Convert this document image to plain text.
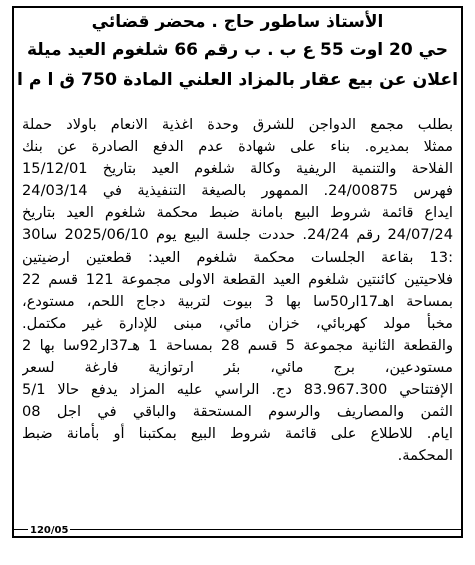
الأستاذ ساطور حاج . محضر قضائي
حي 20 اوت 55 ع ب . ب رقم 66 شلغوم العيد ميلة
اعلان عن بيع عقار بالمزاد العلني المادة 750 ق ا م ا
بطلب مجمع الدواجن للشرق وحدة اغذية الانعام باولاد حملة
ممثلا بمديره. بناء على شهادة عدم الدفع الصادرة عن بنك
الفلاحة والتنمية الريفية وكالة شلغوم العيد بتاريخ 15/12/01
فهرس 24/00875. الممهور بالصيغة التنفيذية في 24/03/14
ايداع قائمة شروط البيع بامانة ضبط محكمة شلغوم العيد بتاريخ
24/07/24 رقم 24/24. حددت جلسة البيع يوم 2025/06/10 سا30
:13 بقاعة الجلسات محكمة شلغوم العيد: قطعتين ارضيتين
فلاحيتين كائنتين شلغوم العيد القطعة الاولى مجموعة 121 قسم 22
بمساحة اهـ17ار50سا بها 3 بيوت لتربية دجاج اللحم، مستودع،
مخبأ مولد كهربائي، خزان مائي، مبنى للإدارة غير مكتمل.
والقطعة الثانية مجموعة 5 قسم 28 بمساحة 1 هـ37ار92سا بها 2
مستودعين، برج مائي، بئر ارتوازية فارغة لسعر
الإفتتاحي 83.967.300 دج. الراسي عليه المزاد يدفع حالا 5/1
الثمن والمصاريف والرسوم المستحقة والباقي في اجل 08
ايام. للاطلاع على قائمة شروط البيع بمكتبنا أو بأمانة ضبط
المحكمة.
120/05
